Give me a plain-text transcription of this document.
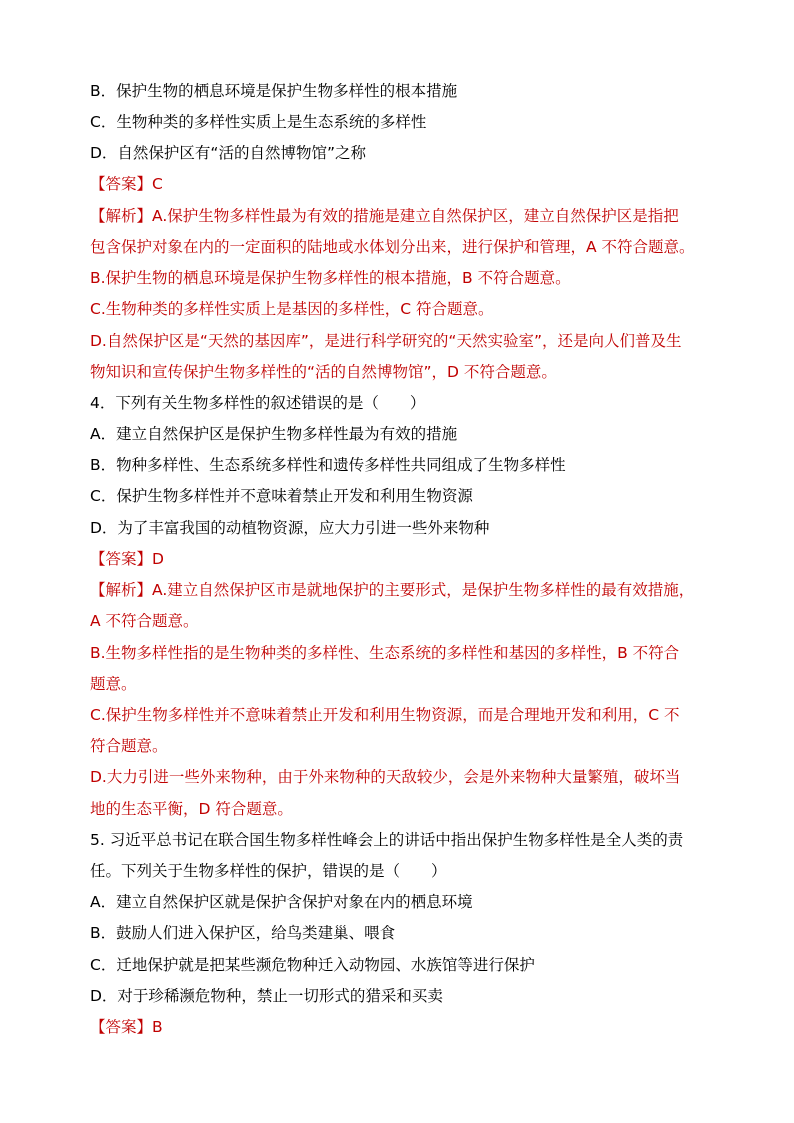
B．保护生物的栖息环境是保护生物多样性的根本措施
C．生物种类的多样性实质上是生态系统的多样性
D．自然保护区有“活的自然博物馆”之称
【答案】C
【解析】A.保护生物多样性最为有效的措施是建立自然保护区，建立自然保护区是指把
包含保护对象在内的一定面积的陆地或水体划分出来，进行保护和管理，A 不符合题意。
B.保护生物的栖息环境是保护生物多样性的根本措施，B 不符合题意。
C.生物种类的多样性实质上是基因的多样性，C 符合题意。
D.自然保护区是“天然的基因库”，是进行科学研究的“天然实验室”，还是向人们普及生
物知识和宣传保护生物多样性的“活的自然博物馆”，D 不符合题意。
4．下列有关生物多样性的叙述错误的是（　　）
A．建立自然保护区是保护生物多样性最为有效的措施
B．物种多样性、生态系统多样性和遗传多样性共同组成了生物多样性
C．保护生物多样性并不意味着禁止开发和利用生物资源
D．为了丰富我国的动植物资源，应大力引进一些外来物种
【答案】D
【解析】A.建立自然保护区市是就地保护的主要形式，是保护生物多样性的最有效措施，
A 不符合题意。
B.生物多样性指的是生物种类的多样性、生态系统的多样性和基因的多样性，B 不符合
题意。
C.保护生物多样性并不意味着禁止开发和利用生物资源，而是合理地开发和利用，C 不
符合题意。
D.大力引进一些外来物种，由于外来物种的天敌较少，会是外来物种大量繁殖，破坏当
地的生态平衡，D 符合题意。
5. 习近平总书记在联合国生物多样性峰会上的讲话中指出保护生物多样性是全人类的责
任。下列关于生物多样性的保护，错误的是（　　）
A．建立自然保护区就是保护含保护对象在内的栖息环境
B．鼓励人们进入保护区，给鸟类建巢、喂食
C．迁地保护就是把某些濒危物种迁入动物园、水族馆等进行保护
D．对于珍稀濒危物种，禁止一切形式的猎采和买卖
【答案】B
